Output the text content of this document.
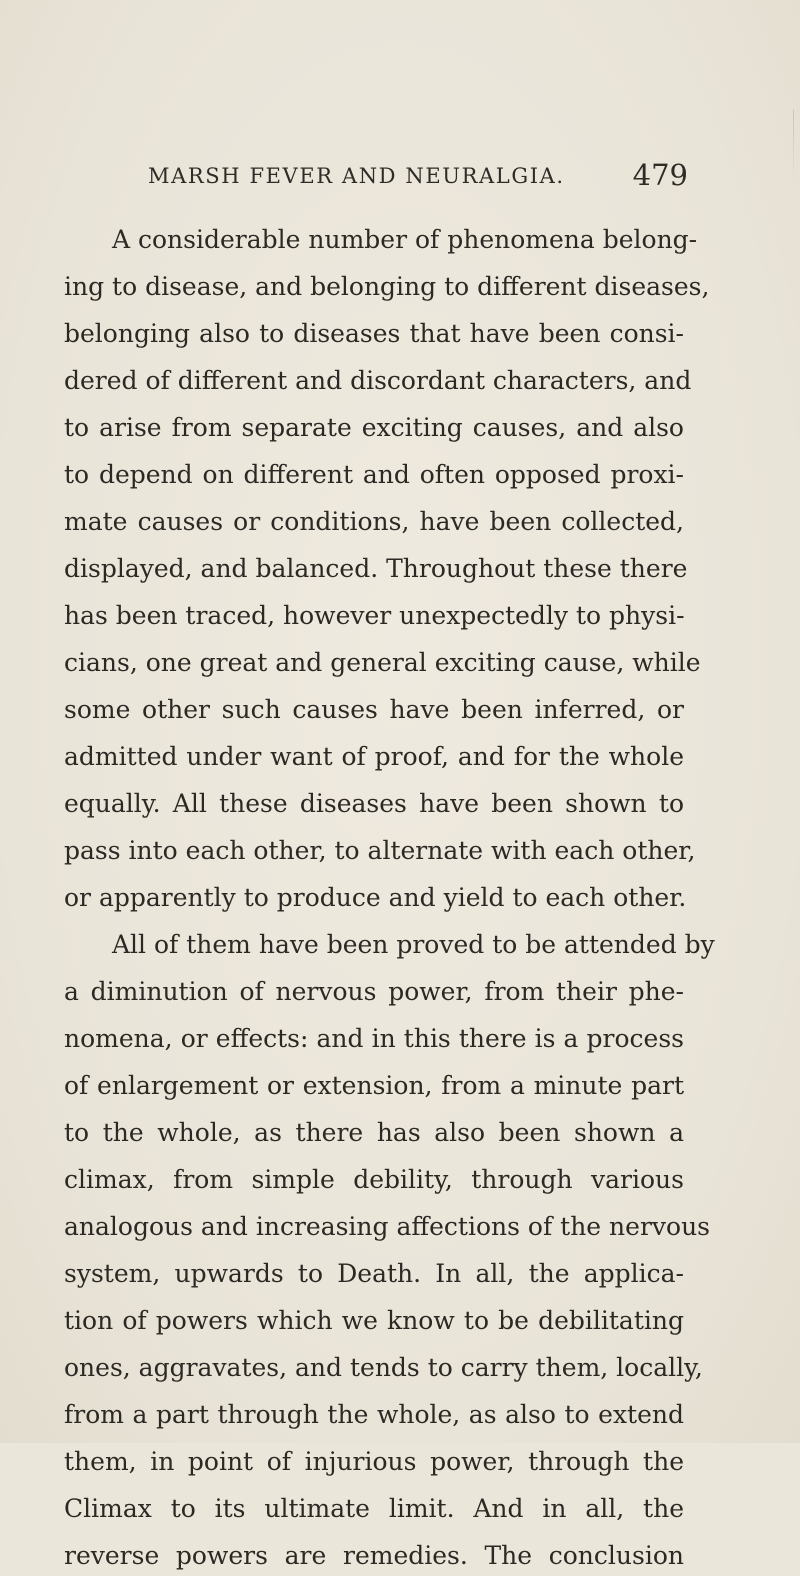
MARSH FEVER AND NEURALGIA. 479
A considerable number of phenomena belong-
ing to disease, and belonging to different diseases,
belonging also to diseases that have been consi-
dered of different and discordant characters, and
to arise from separate exciting causes, and also
to depend on different and often opposed proxi-
mate causes or conditions, have been collected,
displayed, and balanced. Throughout these there
has been traced, however unexpectedly to physi-
cians, one great and general exciting cause, while
some other such causes have been inferred, or
admitted under want of proof, and for the whole
equally. All these diseases have been shown to
pass into each other, to alternate with each other,
or apparently to produce and yield to each other.
All of them have been proved to be attended by
a diminution of nervous power, from their phe-
nomena, or effects: and in this there is a process
of enlargement or extension, from a minute part
to the whole, as there has also been shown a
climax, from simple debility, through various
analogous and increasing affections of the nervous
system, upwards to Death. In all, the applica-
tion of powers which we know to be debilitating
ones, aggravates, and tends to carry them, locally,
from a part through the whole, as also to extend
them, in point of injurious power, through the
Climax to its ultimate limit. And in all, the
reverse powers are remedies. The conclusion
